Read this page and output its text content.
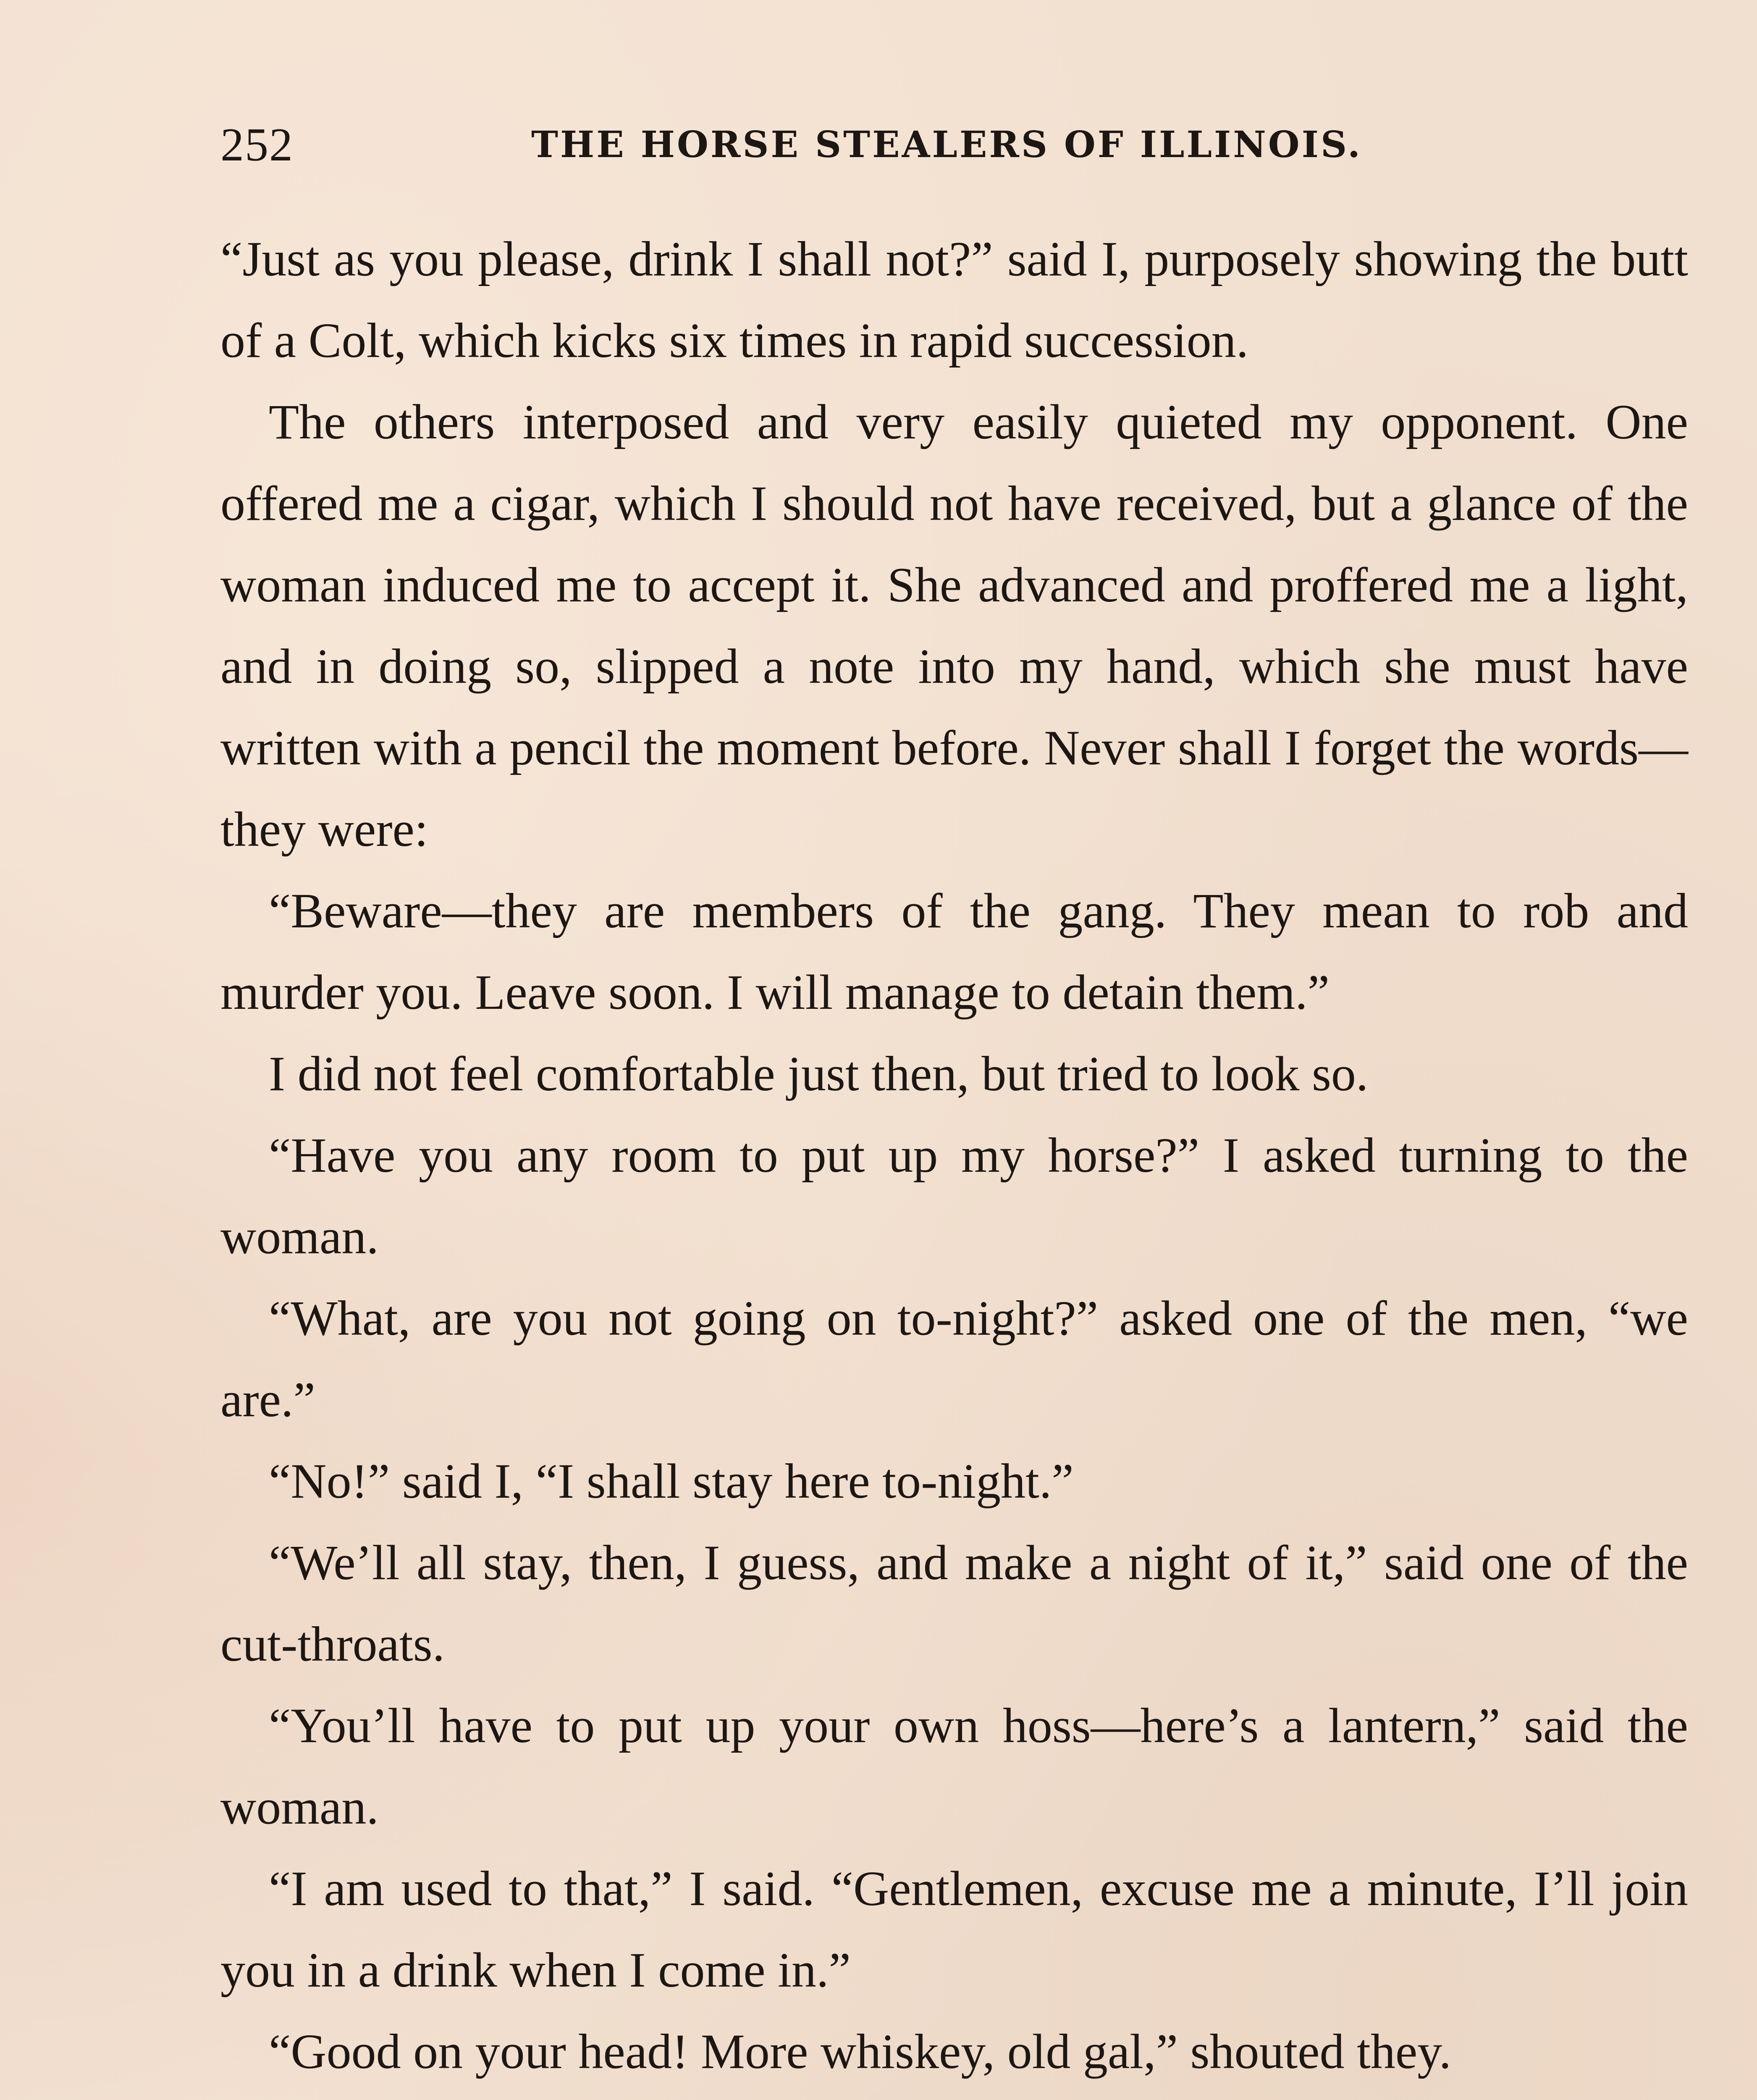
252	THE HORSE STEALERS OF ILLINOIS.

“Just as you please, drink I shall not?” said I, purposely showing the butt of a Colt, which kicks six times in rapid succession.

The others interposed and very easily quieted my opponent. One offered me a cigar, which I should not have received, but a glance of the woman induced me to accept it. She advanced and proffered me a light, and in doing so, slipped a note into my hand, which she must have written with a pencil the moment before. Never shall I forget the words—they were:

“Beware—they are members of the gang. They mean to rob and murder you. Leave soon. I will manage to detain them.”

I did not feel comfortable just then, but tried to look so.

“Have you any room to put up my horse?” I asked turning to the woman.

“What, are you not going on to-night?” asked one of the men, “we are.”

“No!” said I, “I shall stay here to-night.”

“We’ll all stay, then, I guess, and make a night of it,” said one of the cut-throats.

“You’ll have to put up your own hoss—here’s a lantern,” said the woman.

“I am used to that,” I said. “Gentlemen, excuse me a minute, I’ll join you in a drink when I come in.”

“Good on your head! More whiskey, old gal,” shouted they.
